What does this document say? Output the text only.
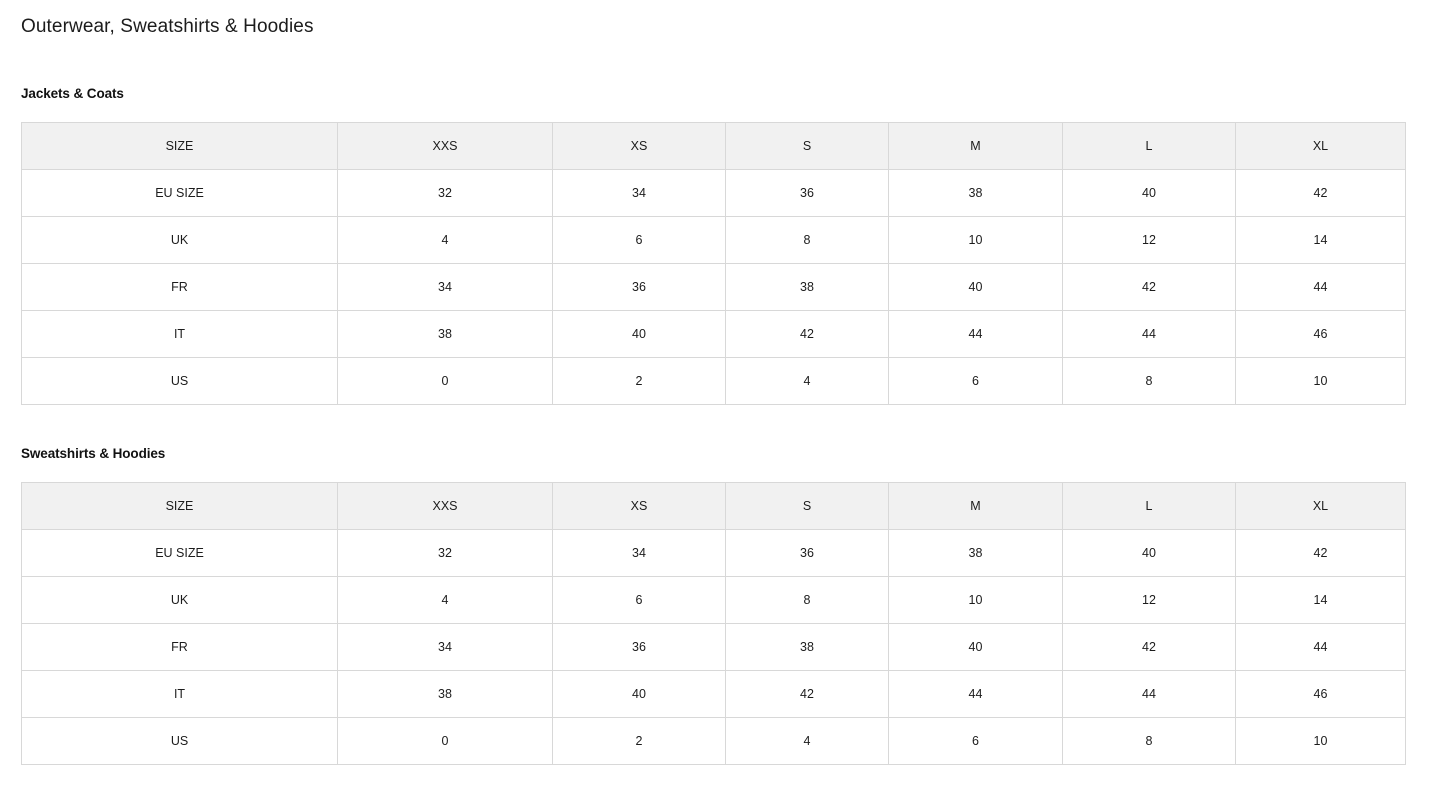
Outerwear, Sweatshirts & Hoodies
Jackets & Coats
SIZE	XXS	XS	S	M	L	XL
EU SIZE	32	34	36	38	40	42
UK	4	6	8	10	12	14
FR	34	36	38	40	42	44
IT	38	40	42	44	44	46
US	0	2	4	6	8	10
Sweatshirts & Hoodies
SIZE	XXS	XS	S	M	L	XL
EU SIZE	32	34	36	38	40	42
UK	4	6	8	10	12	14
FR	34	36	38	40	42	44
IT	38	40	42	44	44	46
US	0	2	4	6	8	10
